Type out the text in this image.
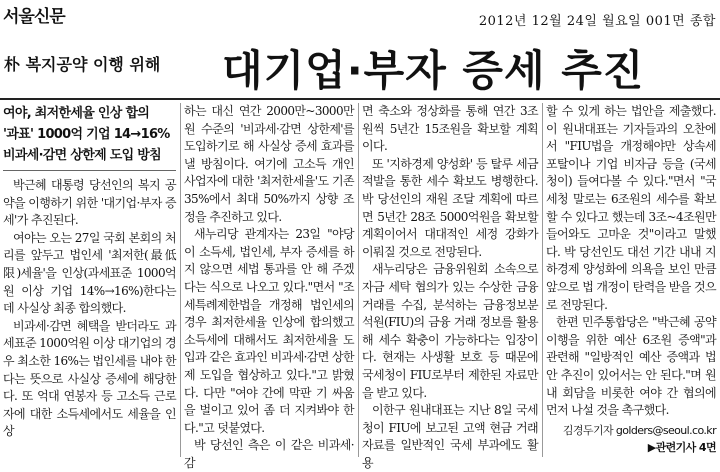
서울신문	2012년 12월 24일 월요일 001면 종합
朴 복지공약 이행 위해 대기업·부자 증세 추진
여야, 최저한세율 인상 합의
'과표' 1000억 기업 14→16%
비과세·감면 상한제 도입 방침

박근혜 대통령 당선인의 복지 공약을 이행하기 위한 '대기업·부자 증세'가 추진된다.

여야는 오는 27일 국회 본회의 처리를 앞두고 법인세 '최저한(最低限)세율'을 인상(과세표준 1000억원 이상 기업 14%→16%)한다는 데 사실상 최종 합의했다.

비과세·감면 혜택을 받더라도 과세표준 1000억원 이상 대기업의 경우 최소한 16%는 법인세를 내야 한다는 뜻으로 사실상 증세에 해당한다. 또 억대 연봉자 등 고소득 근로자에 대한 소득세에서도 세율을 인상

하는 대신 연간 2000만~3000만원 수준의 '비과세·감면 상한제'를 도입하기로 해 사실상 증세 효과를 낼 방침이다. 여기에 고소득 개인 사업자에 대한 '최저한세율'도 기존 35%에서 최대 50%까지 상향 조정을 추진하고 있다.

새누리당 관계자는 23일 "야당이 소득세, 법인세, 부자 증세를 하지 않으면 세법 통과를 안 해 주겠다는 식으로 나오고 있다."면서 "조세특례제한법을 개정해 법인세의 경우 최저한세율 인상에 합의했고 소득세에 대해서도 최저한세율 도입과 같은 효과인 비과세·감면 상한제 도입을 협상하고 있다."고 밝혔다. 다만 "여야 간에 막판 기 싸움을 벌이고 있어 좀 더 지켜봐야 한다."고 덧붙였다.

박 당선인 측은 이 같은 비과세·감

면 축소와 정상화를 통해 연간 3조원씩 5년간 15조원을 확보할 계획이다.

또 '지하경제 양성화' 등 탈루 세금 적발을 통한 세수 확보도 병행한다. 박 당선인의 재원 조달 계획에 따르면 5년간 28조 5000억원을 확보할 계획이어서 대대적인 세정 강화가 이뤄질 것으로 전망된다.

새누리당은 금융위원회 소속으로 자금 세탁 협의가 있는 수상한 금융거래를 수집, 분석하는 금융정보분석원(FIU)의 금융 거래 정보를 활용해 세수 확충이 가능하다는 입장이다. 현재는 사생활 보호 등 때문에 국세청이 FIU로부터 제한된 자료만을 받고 있다.

이한구 원내대표는 지난 8일 국세청이 FIU에 보고된 고액 현금 거래 자료를 일반적인 국세 부과에도 활용

할 수 있게 하는 법안을 제출했다. 이 원내대표는 기자들과의 오찬에서 "FIU법을 개정해야만 상속세 포탈이나 기업 비자금 등을 (국세청이) 들여다볼 수 있다."면서 "국세청 말로는 6조원의 세수를 확보할 수 있다고 했는데 3조~4조원만 들어와도 고마운 것"이라고 말했다. 박 당선인도 대선 기간 내내 지하경제 양성화에 의욕을 보인 만큼 앞으로 법 개정이 탄력을 받을 것으로 전망된다.

한편 민주통합당은 "박근혜 공약이행을 위한 예산 6조원 증액"과 관련해 "일방적인 예산 증액과 법안 추진이 있어서는 안 된다."며 원내 회담을 비롯한 여야 간 협의에 먼저 나설 것을 촉구했다.

김경두기자 golders@seoul.co.kr
▶관련기사 4면
